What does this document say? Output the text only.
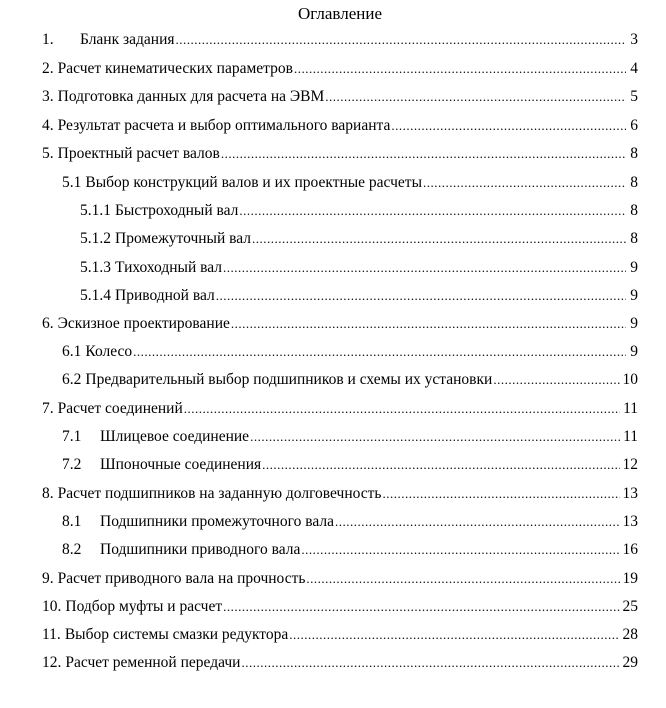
Оглавление
1.	Бланк задания .....	3
2. Расчет кинематических параметров .....	4
3. Подготовка данных для расчета на ЭВМ .....	5
4. Результат расчета и выбор оптимального варианта .....	6
5. Проектный расчет валов .....	8
5.1 Выбор конструкций валов и их проектные расчеты .....	8
5.1.1 Быстроходный вал .....	8
5.1.2 Промежуточный вал .....	8
5.1.3 Тихоходный вал .....	9
5.1.4 Приводной вал .....	9
6. Эскизное проектирование .....	9
6.1 Колесо .....	9
6.2 Предварительный выбор подшипников и схемы их установки .....	10
7. Расчет соединений .....	11
7.1	Шлицевое соединение .....	11
7.2	Шпоночные соединения .....	12
8. Расчет подшипников на заданную долговечность .....	13
8.1	Подшипники промежуточного вала .....	13
8.2	Подшипники приводного вала .....	16
9. Расчет приводного вала на прочность .....	19
10. Подбор муфты и расчет .....	25
11. Выбор системы смазки редуктора .....	28
12. Расчет ременной передачи .....	29
